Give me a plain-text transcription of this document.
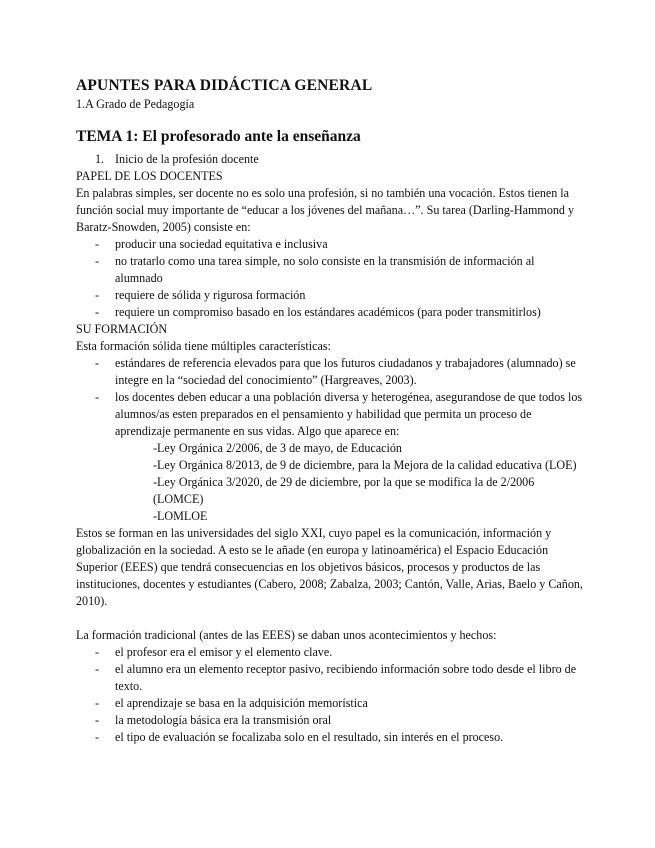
APUNTES PARA DIDÁCTICA GENERAL

1.A Grado de Pedagogía

TEMA 1: El profesorado ante la enseñanza
1. Inicio de la profesión docente

PAPEL DE LOS DOCENTES

En palabras simples, ser docente no es solo una profesión, si no también una vocación. Estos tienen la función social muy importante de “educar a los jóvenes del mañana…”. Su tarea (Darling-Hammond y Baratz-Snowden, 2005) consiste en:

-	producir una sociedad equitativa e inclusiva
-	no tratarlo como una tarea simple, no solo consiste en la transmisión de información al alumnado
-	requiere de sólida y rigurosa formación
-	requiere un compromiso basado en los estándares académicos (para poder transmitirlos)

SU FORMACIÓN

Esta formación sólida tiene múltiples características:

-	estándares de referencia elevados para que los futuros ciudadanos y trabajadores (alumnado) se integre en la “sociedad del conocimiento” (Hargreaves, 2003).
-	los docentes deben educar a una población diversa y heterogénea, asegurandose de que todos los alumnos/as esten preparados en el pensamiento y habilidad que permita un proceso de aprendizaje permanente en sus vidas. Algo que aparece en:

-Ley Orgánica 2/2006, de 3 de mayo, de Educación

-Ley Orgánica 8/2013, de 9 de diciembre, para la Mejora de la calidad educativa (LOE)

-Ley Orgánica 3/2020, de 29 de diciembre, por la que se modifica la de 2/2006 (LOMCE)

-LOMLOE

Estos se forman en las universidades del siglo XXI, cuyo papel es la comunicación, información y globalización en la sociedad. A esto se le añade (en europa y latinoamérica) el Espacio Educación Superior (EEES) que tendrá consecuencias en los objetivos básicos, procesos y productos de las instituciones, docentes y estudiantes (Cabero, 2008; Zabalza, 2003; Cantón, Valle, Arias, Baelo y Cañon, 2010).

La formación tradicional (antes de las EEES) se daban unos acontecimientos y hechos:

-	el profesor era el emisor y el elemento clave.
-	el alumno era un elemento receptor pasivo, recibiendo información sobre todo desde el libro de texto.
-	el aprendizaje se basa en la adquisición memorística
-	la metodología básica era la transmisión oral
-	el tipo de evaluación se focalizaba solo en el resultado, sin interés en el proceso.
